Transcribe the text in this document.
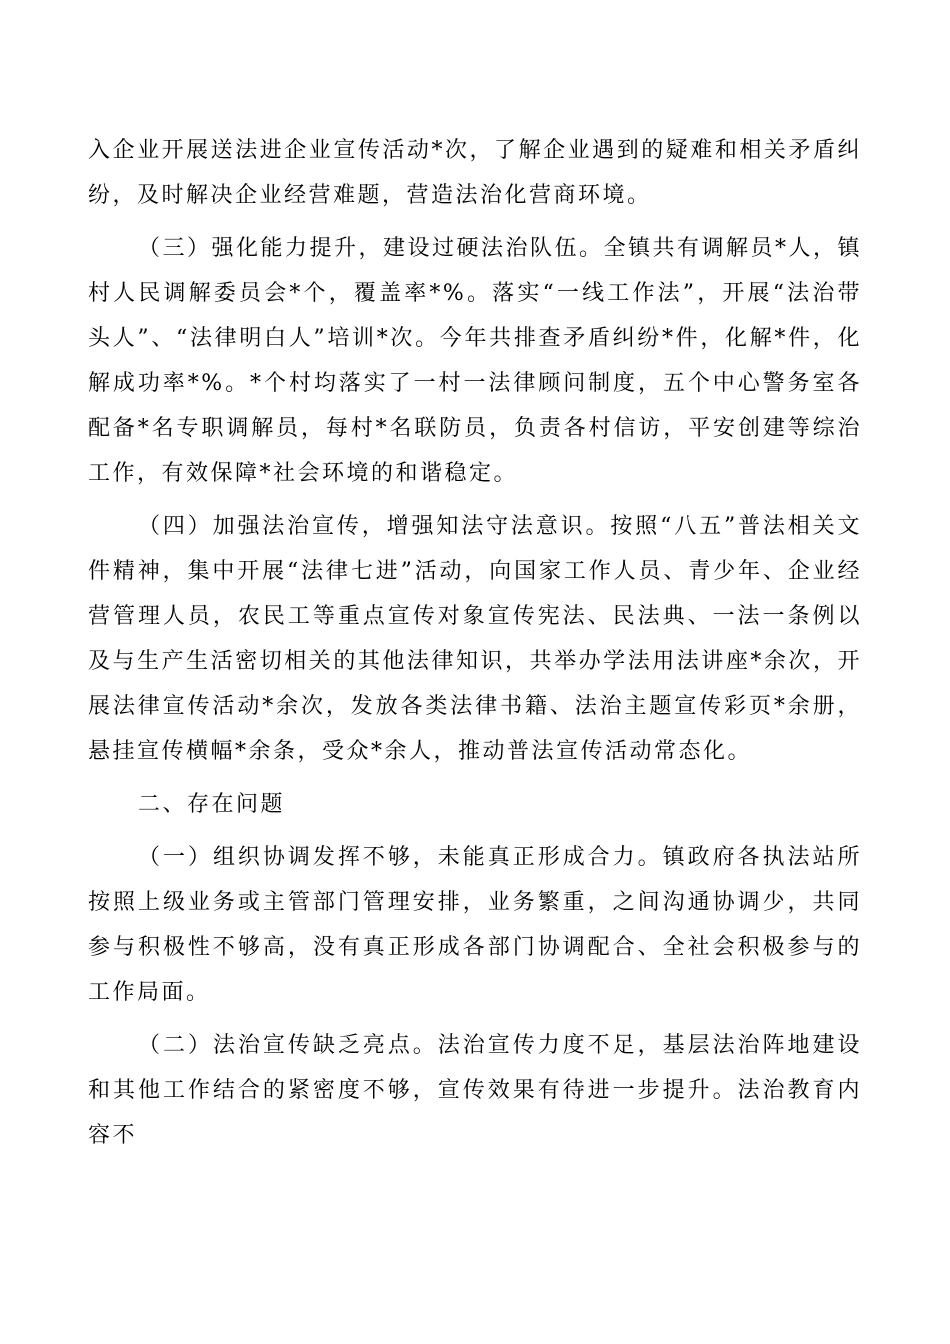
入企业开展送法进企业宣传活动*次，了解企业遇到的疑难和相关矛盾纠纷，及时解决企业经营难题，营造法治化营商环境。

（三）强化能力提升，建设过硬法治队伍。全镇共有调解员*人，镇村人民调解委员会*个，覆盖率*%。落实“一线工作法”，开展“法治带头人”、“法律明白人”培训*次。今年共排查矛盾纠纷*件，化解*件，化解成功率*%。*个村均落实了一村一法律顾问制度，五个中心警务室各配备*名专职调解员，每村*名联防员，负责各村信访，平安创建等综治工作，有效保障*社会环境的和谐稳定。

（四）加强法治宣传，增强知法守法意识。按照“八五”普法相关文件精神，集中开展“法律七进”活动，向国家工作人员、青少年、企业经营管理人员，农民工等重点宣传对象宣传宪法、民法典、一法一条例以及与生产生活密切相关的其他法律知识，共举办学法用法讲座*余次，开展法律宣传活动*余次，发放各类法律书籍、法治主题宣传彩页*余册，悬挂宣传横幅*余条，受众*余人，推动普法宣传活动常态化。

二、存在问题

（一）组织协调发挥不够，未能真正形成合力。镇政府各执法站所按照上级业务或主管部门管理安排，业务繁重，之间沟通协调少，共同参与积极性不够高，没有真正形成各部门协调配合、全社会积极参与的工作局面。

（二）法治宣传缺乏亮点。法治宣传力度不足，基层法治阵地建设和其他工作结合的紧密度不够，宣传效果有待进一步提升。法治教育内容不
